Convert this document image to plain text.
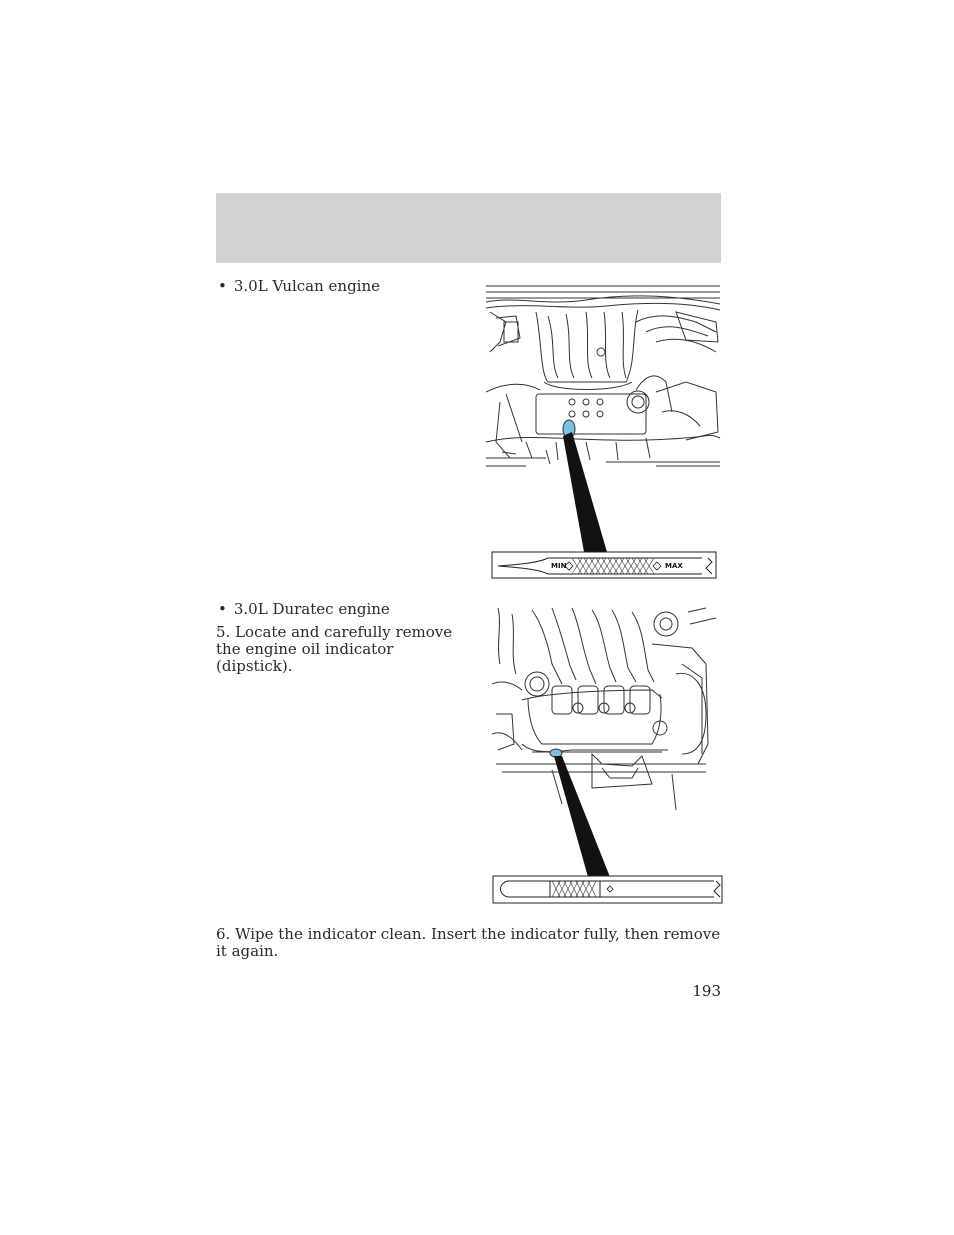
• 3.0L Vulcan engine
MIN	MAX
• 3.0L Duratec engine
5. Locate and carefully remove the engine oil indicator (dipstick).
6. Wipe the indicator clean. Insert the indicator fully, then remove it again.
193
